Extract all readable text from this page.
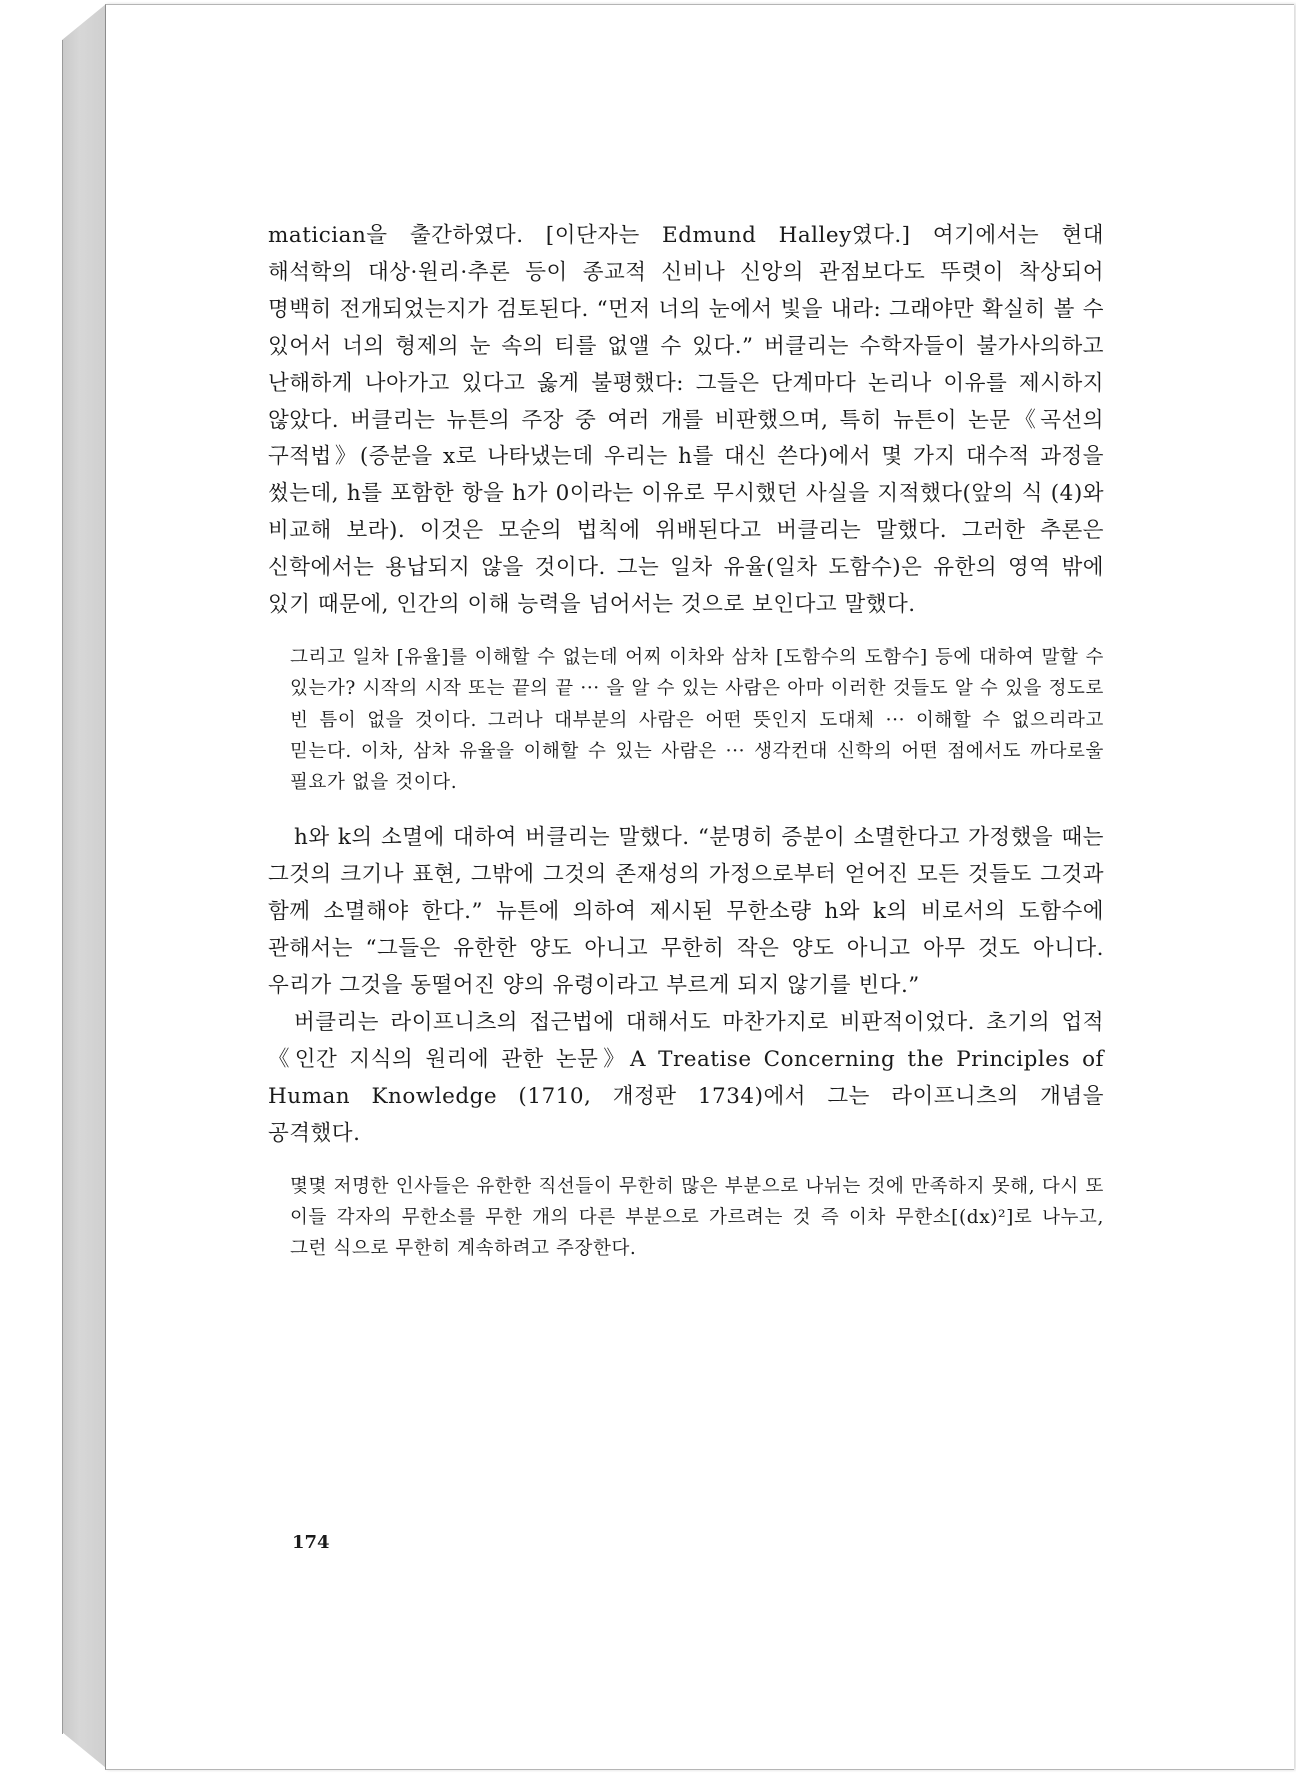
matician을 출간하였다. [이단자는 Edmund Halley였다.] 여기에서는 현대 해석학의 대상·원리·추론 등이 종교적 신비나 신앙의 관점보다도 뚜렷이 착상되어 명백히 전개되었는지가 검토된다. “먼저 너의 눈에서 빛을 내라: 그래야만 확실히 볼 수 있어서 너의 형제의 눈 속의 티를 없앨 수 있다.” 버클리는 수학자들이 불가사의하고 난해하게 나아가고 있다고 옳게 불평했다: 그들은 단계마다 논리나 이유를 제시하지 않았다. 버클리는 뉴튼의 주장 중 여러 개를 비판했으며, 특히 뉴튼이 논문《곡선의 구적법》(증분을 x로 나타냈는데 우리는 h를 대신 쓴다)에서 몇 가지 대수적 과정을 썼는데, h를 포함한 항을 h가 0이라는 이유로 무시했던 사실을 지적했다(앞의 식 (4)와 비교해 보라). 이것은 모순의 법칙에 위배된다고 버클리는 말했다. 그러한 추론은 신학에서는 용납되지 않을 것이다. 그는 일차 유율(일차 도함수)은 유한의 영역 밖에 있기 때문에, 인간의 이해 능력을 넘어서는 것으로 보인다고 말했다.

그리고 일차 [유율]를 이해할 수 없는데 어찌 이차와 삼차 [도함수의 도함수] 등에 대하여 말할 수 있는가? 시작의 시작 또는 끝의 끝 ··· 을 알 수 있는 사람은 아마 이러한 것들도 알 수 있을 정도로 빈 틈이 없을 것이다. 그러나 대부분의 사람은 어떤 뜻인지 도대체 ··· 이해할 수 없으리라고 믿는다. 이차, 삼차 유율을 이해할 수 있는 사람은 ··· 생각컨대 신학의 어떤 점에서도 까다로울 필요가 없을 것이다.

h와 k의 소멸에 대하여 버클리는 말했다. “분명히 증분이 소멸한다고 가정했을 때는 그것의 크기나 표현, 그밖에 그것의 존재성의 가정으로부터 얻어진 모든 것들도 그것과 함께 소멸해야 한다.” 뉴튼에 의하여 제시된 무한소량 h와 k의 비로서의 도함수에 관해서는 “그들은 유한한 양도 아니고 무한히 작은 양도 아니고 아무 것도 아니다. 우리가 그것을 동떨어진 양의 유령이라고 부르게 되지 않기를 빈다.”

버클리는 라이프니츠의 접근법에 대해서도 마찬가지로 비판적이었다. 초기의 업적 《인간 지식의 원리에 관한 논문》A Treatise Concerning the Principles of Human Knowledge (1710, 개정판 1734)에서 그는 라이프니츠의 개념을 공격했다.

몇몇 저명한 인사들은 유한한 직선들이 무한히 많은 부분으로 나뉘는 것에 만족하지 못해, 다시 또 이들 각자의 무한소를 무한 개의 다른 부분으로 가르려는 것 즉 이차 무한소[(dx)²]로 나누고, 그런 식으로 무한히 계속하려고 주장한다.

174
